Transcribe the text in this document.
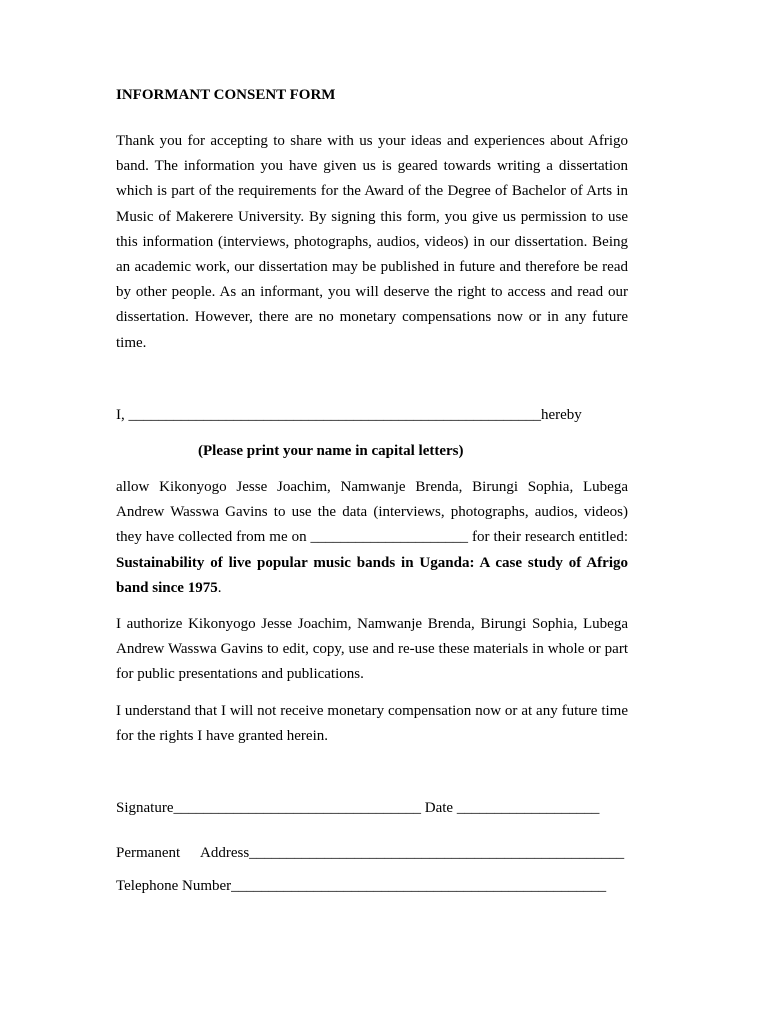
INFORMANT CONSENT FORM

Thank you for accepting to share with us your ideas and experiences about Afrigo band. The information you have given us is geared towards writing a dissertation which is part of the requirements for the Award of the Degree of Bachelor of Arts in Music of Makerere University. By signing this form, you give us permission to use this information (interviews, photographs, audios, videos) in our dissertation. Being an academic work, our dissertation may be published in future and therefore be read by other people. As an informant, you will deserve the right to access and read our dissertation. However, there are no monetary compensations now or in any future time.

I, _______________________________________________________hereby
(Please print your name in capital letters)

allow Kikonyogo Jesse Joachim, Namwanje Brenda, Birungi Sophia, Lubega Andrew Wasswa Gavins to use the data (interviews, photographs, audios, videos) they have collected from me on _____________________ for their research entitled: Sustainability of live popular music bands in Uganda: A case study of Afrigo band since 1975.

I authorize Kikonyogo Jesse Joachim, Namwanje Brenda, Birungi Sophia, Lubega Andrew Wasswa Gavins to edit, copy, use and re-use these materials in whole or part for public presentations and publications.

I understand that I will not receive monetary compensation now or at any future time for the rights I have granted herein.

Signature_________________________________ Date ___________________
Permanent Address__________________________________________________
Telephone Number__________________________________________________
